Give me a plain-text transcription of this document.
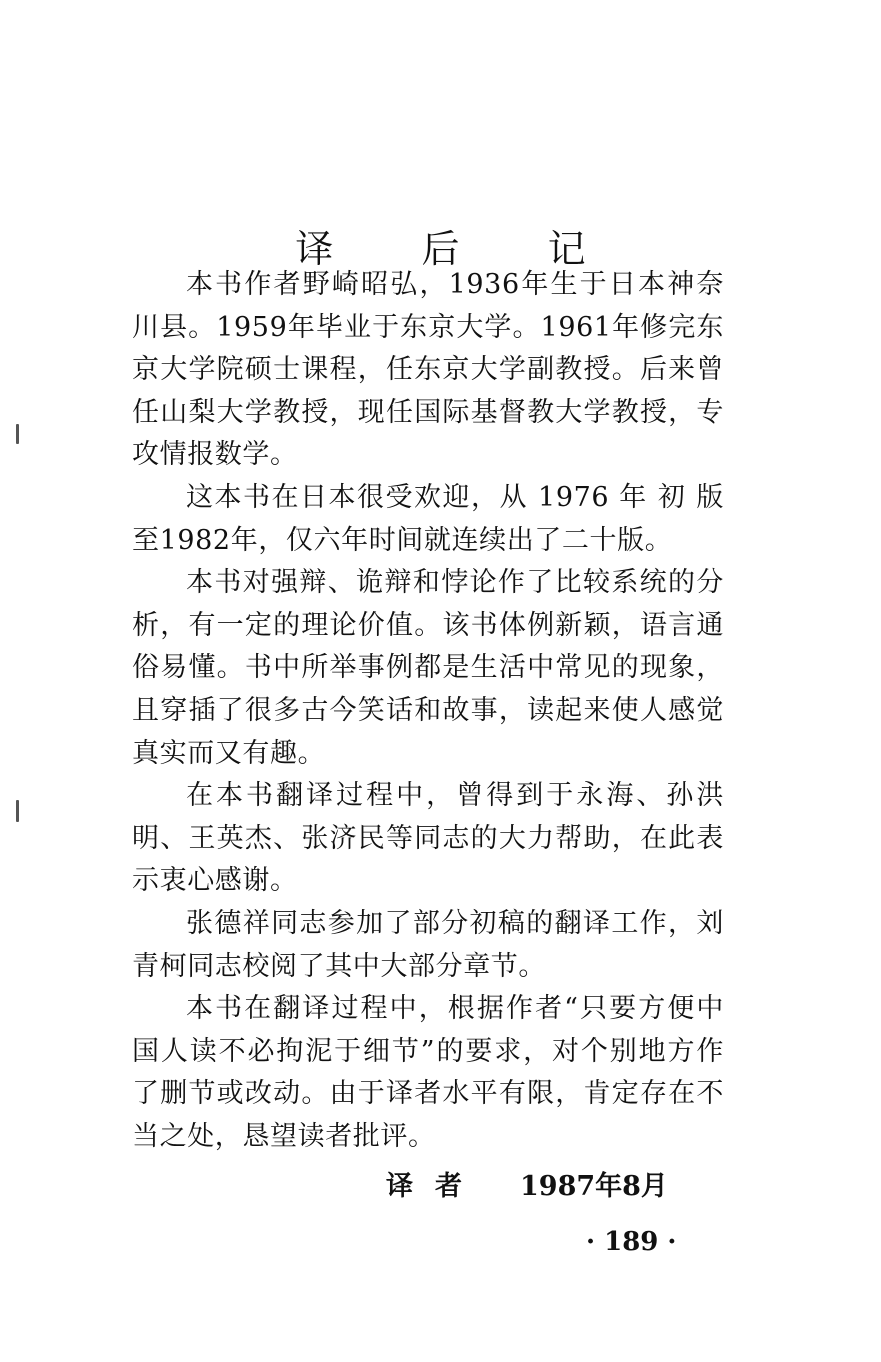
译 后 记

本书作者野崎昭弘，1936年生于日本神奈川县。1959年毕业于东京大学。1961年修完东京大学院硕士课程，任东京大学副教授。后来曾任山梨大学教授，现任国际基督教大学教授，专攻情报数学。

这本书在日本很受欢迎，从 1976 年 初 版至1982年，仅六年时间就连续出了二十版。

本书对强辩、诡辩和悖论作了比较系统的分析，有一定的理论价值。该书体例新颖，语言通俗易懂。书中所举事例都是生活中常见的现象，且穿插了很多古今笑话和故事，读起来使人感觉真实而又有趣。

在本书翻译过程中，曾得到于永海、孙洪明、王英杰、张济民等同志的大力帮助，在此表示衷心感谢。

张德祥同志参加了部分初稿的翻译工作，刘青柯同志校阅了其中大部分章节。

本书在翻译过程中，根据作者“只要方便中国人读不必拘泥于细节”的要求，对个别地方作了删节或改动。由于译者水平有限，肯定存在不当之处，恳望读者批评。

译者 1987年8月
· 189 ·
